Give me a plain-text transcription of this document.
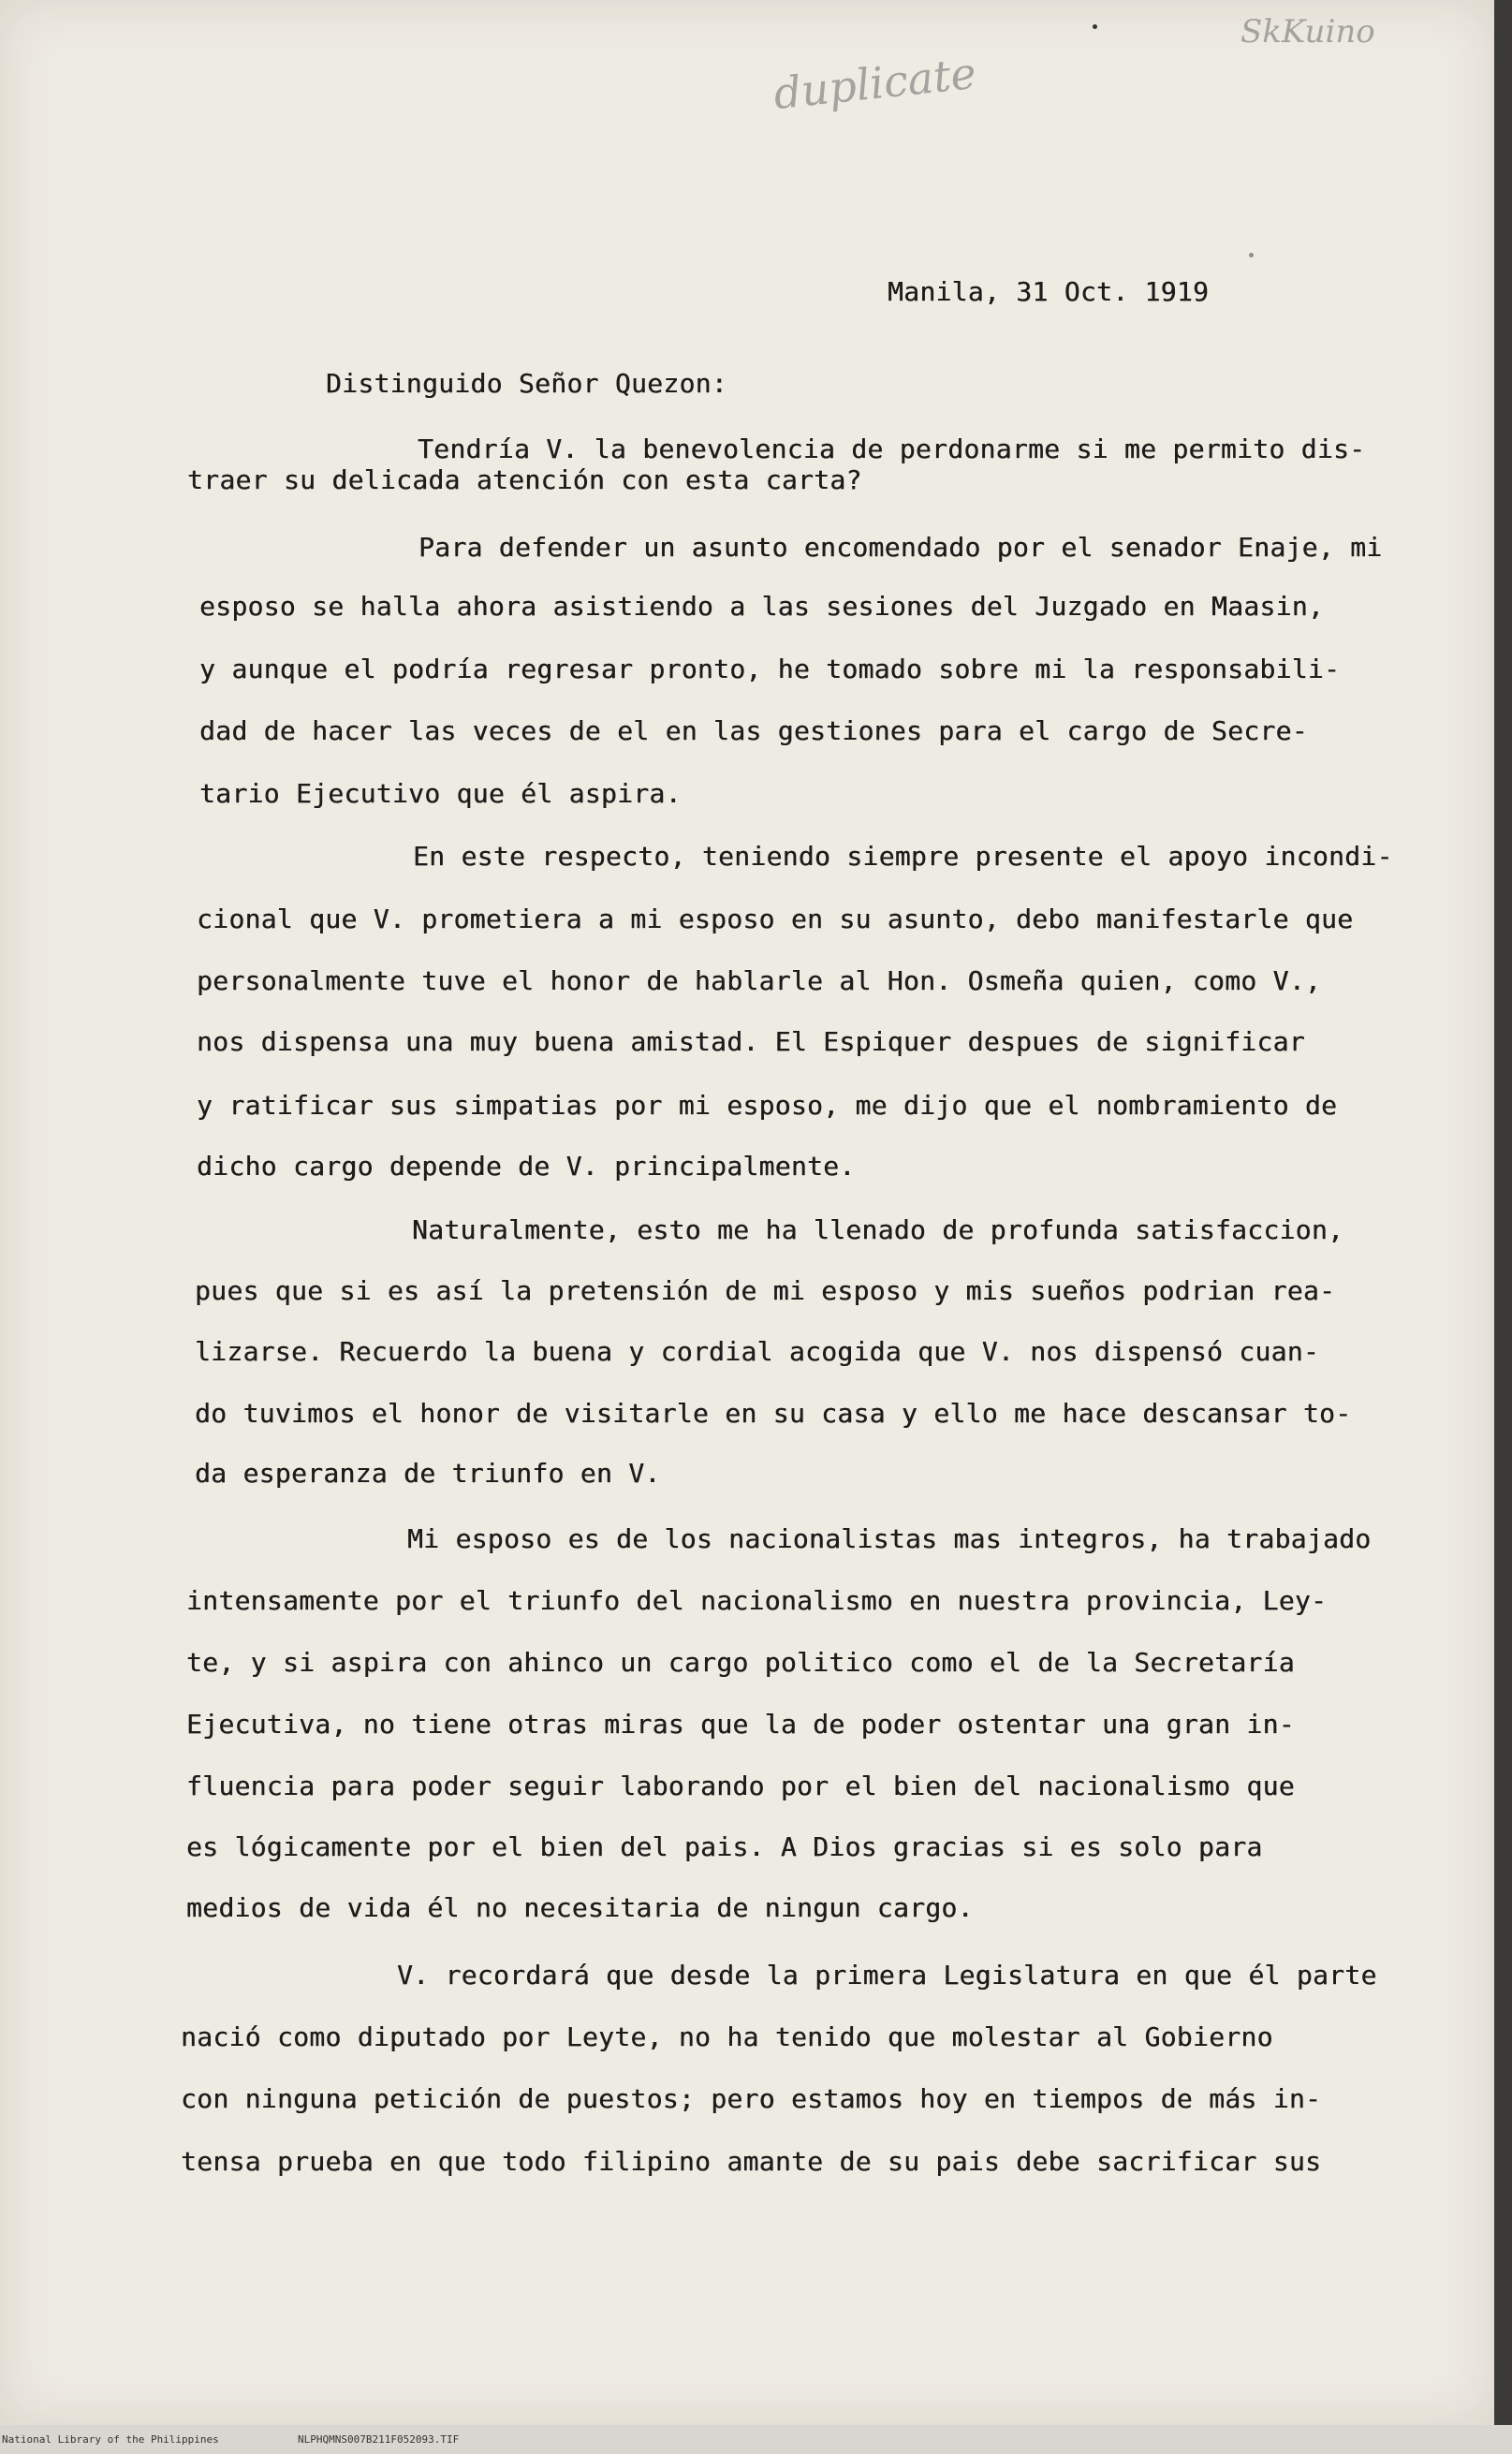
SkKuino
duplicate
Manila, 31 Oct. 1919
Distinguido Señor Quezon:
Tendría V. la benevolencia de perdonarme si me permito dis-
traer su delicada atención con esta carta?
Para defender un asunto encomendado por el senador Enaje, mi
esposo se halla ahora asistiendo a las sesiones del Juzgado en Maasin,
y aunque el podría regresar pronto, he tomado sobre mi la responsabili-
dad de hacer las veces de el en las gestiones para el cargo de Secre-
tario Ejecutivo que él aspira.
En este respecto, teniendo siempre presente el apoyo incondi-
cional que V. prometiera a mi esposo en su asunto, debo manifestarle que
personalmente tuve el honor de hablarle al Hon. Osmeña quien, como V.,
nos dispensa una muy buena amistad. El Espiquer despues de significar
y ratificar sus simpatias por mi esposo, me dijo que el nombramiento de
dicho cargo depende de V. principalmente.
Naturalmente, esto me ha llenado de profunda satisfaccion,
pues que si es así la pretensión de mi esposo y mis sueños podrian rea-
lizarse. Recuerdo la buena y cordial acogida que V. nos dispensó cuan-
do tuvimos el honor de visitarle en su casa y ello me hace descansar to-
da esperanza de triunfo en V.
Mi esposo es de los nacionalistas mas integros, ha trabajado
intensamente por el triunfo del nacionalismo en nuestra provincia, Ley-
te, y si aspira con ahinco un cargo politico como el de la Secretaría
Ejecutiva, no tiene otras miras que la de poder ostentar una gran in-
fluencia para poder seguir laborando por el bien del nacionalismo que
es lógicamente por el bien del pais. A Dios gracias si es solo para
medios de vida él no necesitaria de ningun cargo.
V. recordará que desde la primera Legislatura en que él parte
nació como diputado por Leyte, no ha tenido que molestar al Gobierno
con ninguna petición de puestos; pero estamos hoy en tiempos de más in-
tensa prueba en que todo filipino amante de su pais debe sacrificar sus
National Library of the Philippines	NLPHQMNS007B211F052093.TIF
